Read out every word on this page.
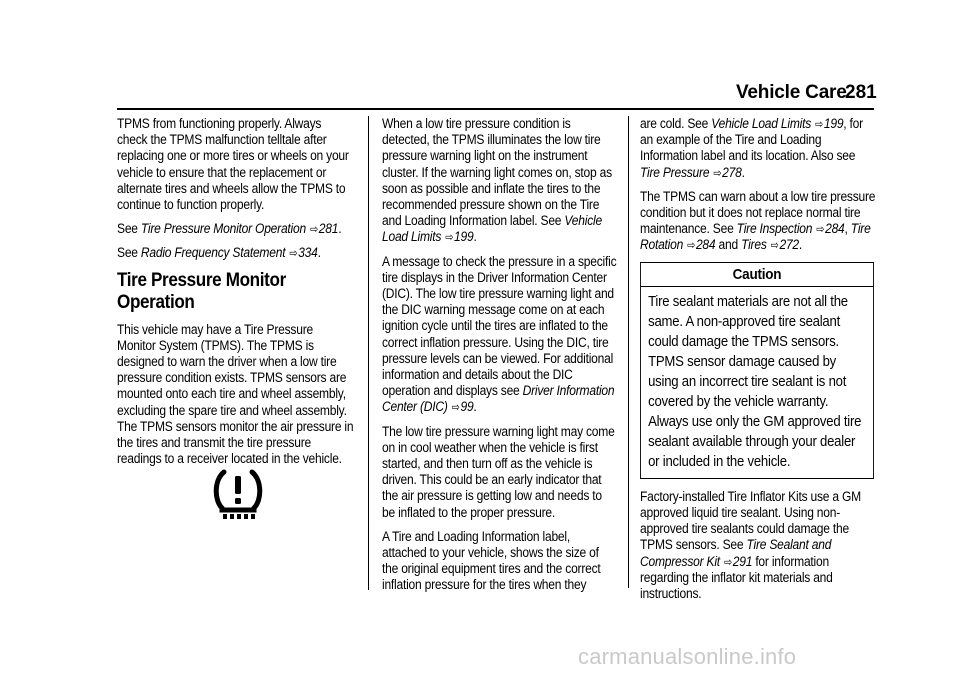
Vehicle Care
281

TPMS from functioning properly. Always check the TPMS malfunction telltale after replacing one or more tires or wheels on your vehicle to ensure that the replacement or alternate tires and wheels allow the TPMS to continue to function properly.

See Tire Pressure Monitor Operation ⇨281.

See Radio Frequency Statement ⇨334.

Tire Pressure Monitor Operation

This vehicle may have a Tire Pressure Monitor System (TPMS). The TPMS is designed to warn the driver when a low tire pressure condition exists. TPMS sensors are mounted onto each tire and wheel assembly, excluding the spare tire and wheel assembly. The TPMS sensors monitor the air pressure in the tires and transmit the tire pressure readings to a receiver located in the vehicle.

When a low tire pressure condition is detected, the TPMS illuminates the low tire pressure warning light on the instrument cluster. If the warning light comes on, stop as soon as possible and inflate the tires to the recommended pressure shown on the Tire and Loading Information label. See Vehicle Load Limits ⇨199.

A message to check the pressure in a specific tire displays in the Driver Information Center (DIC). The low tire pressure warning light and the DIC warning message come on at each ignition cycle until the tires are inflated to the correct inflation pressure. Using the DIC, tire pressure levels can be viewed. For additional information and details about the DIC operation and displays see Driver Information Center (DIC) ⇨99.

The low tire pressure warning light may come on in cool weather when the vehicle is first started, and then turn off as the vehicle is driven. This could be an early indicator that the air pressure is getting low and needs to be inflated to the proper pressure.

A Tire and Loading Information label, attached to your vehicle, shows the size of the original equipment tires and the correct inflation pressure for the tires when they

are cold. See Vehicle Load Limits ⇨199, for an example of the Tire and Loading Information label and its location. Also see Tire Pressure ⇨278.

The TPMS can warn about a low tire pressure condition but it does not replace normal tire maintenance. See Tire Inspection ⇨284, Tire Rotation ⇨284 and Tires ⇨272.

Caution
Tire sealant materials are not all the same. A non-approved tire sealant could damage the TPMS sensors. TPMS sensor damage caused by using an incorrect tire sealant is not covered by the vehicle warranty. Always use only the GM approved tire sealant available through your dealer or included in the vehicle.

Factory-installed Tire Inflator Kits use a GM approved liquid tire sealant. Using non-approved tire sealants could damage the TPMS sensors. See Tire Sealant and Compressor Kit ⇨291 for information regarding the inflator kit materials and instructions.

carmanualsonline.info
